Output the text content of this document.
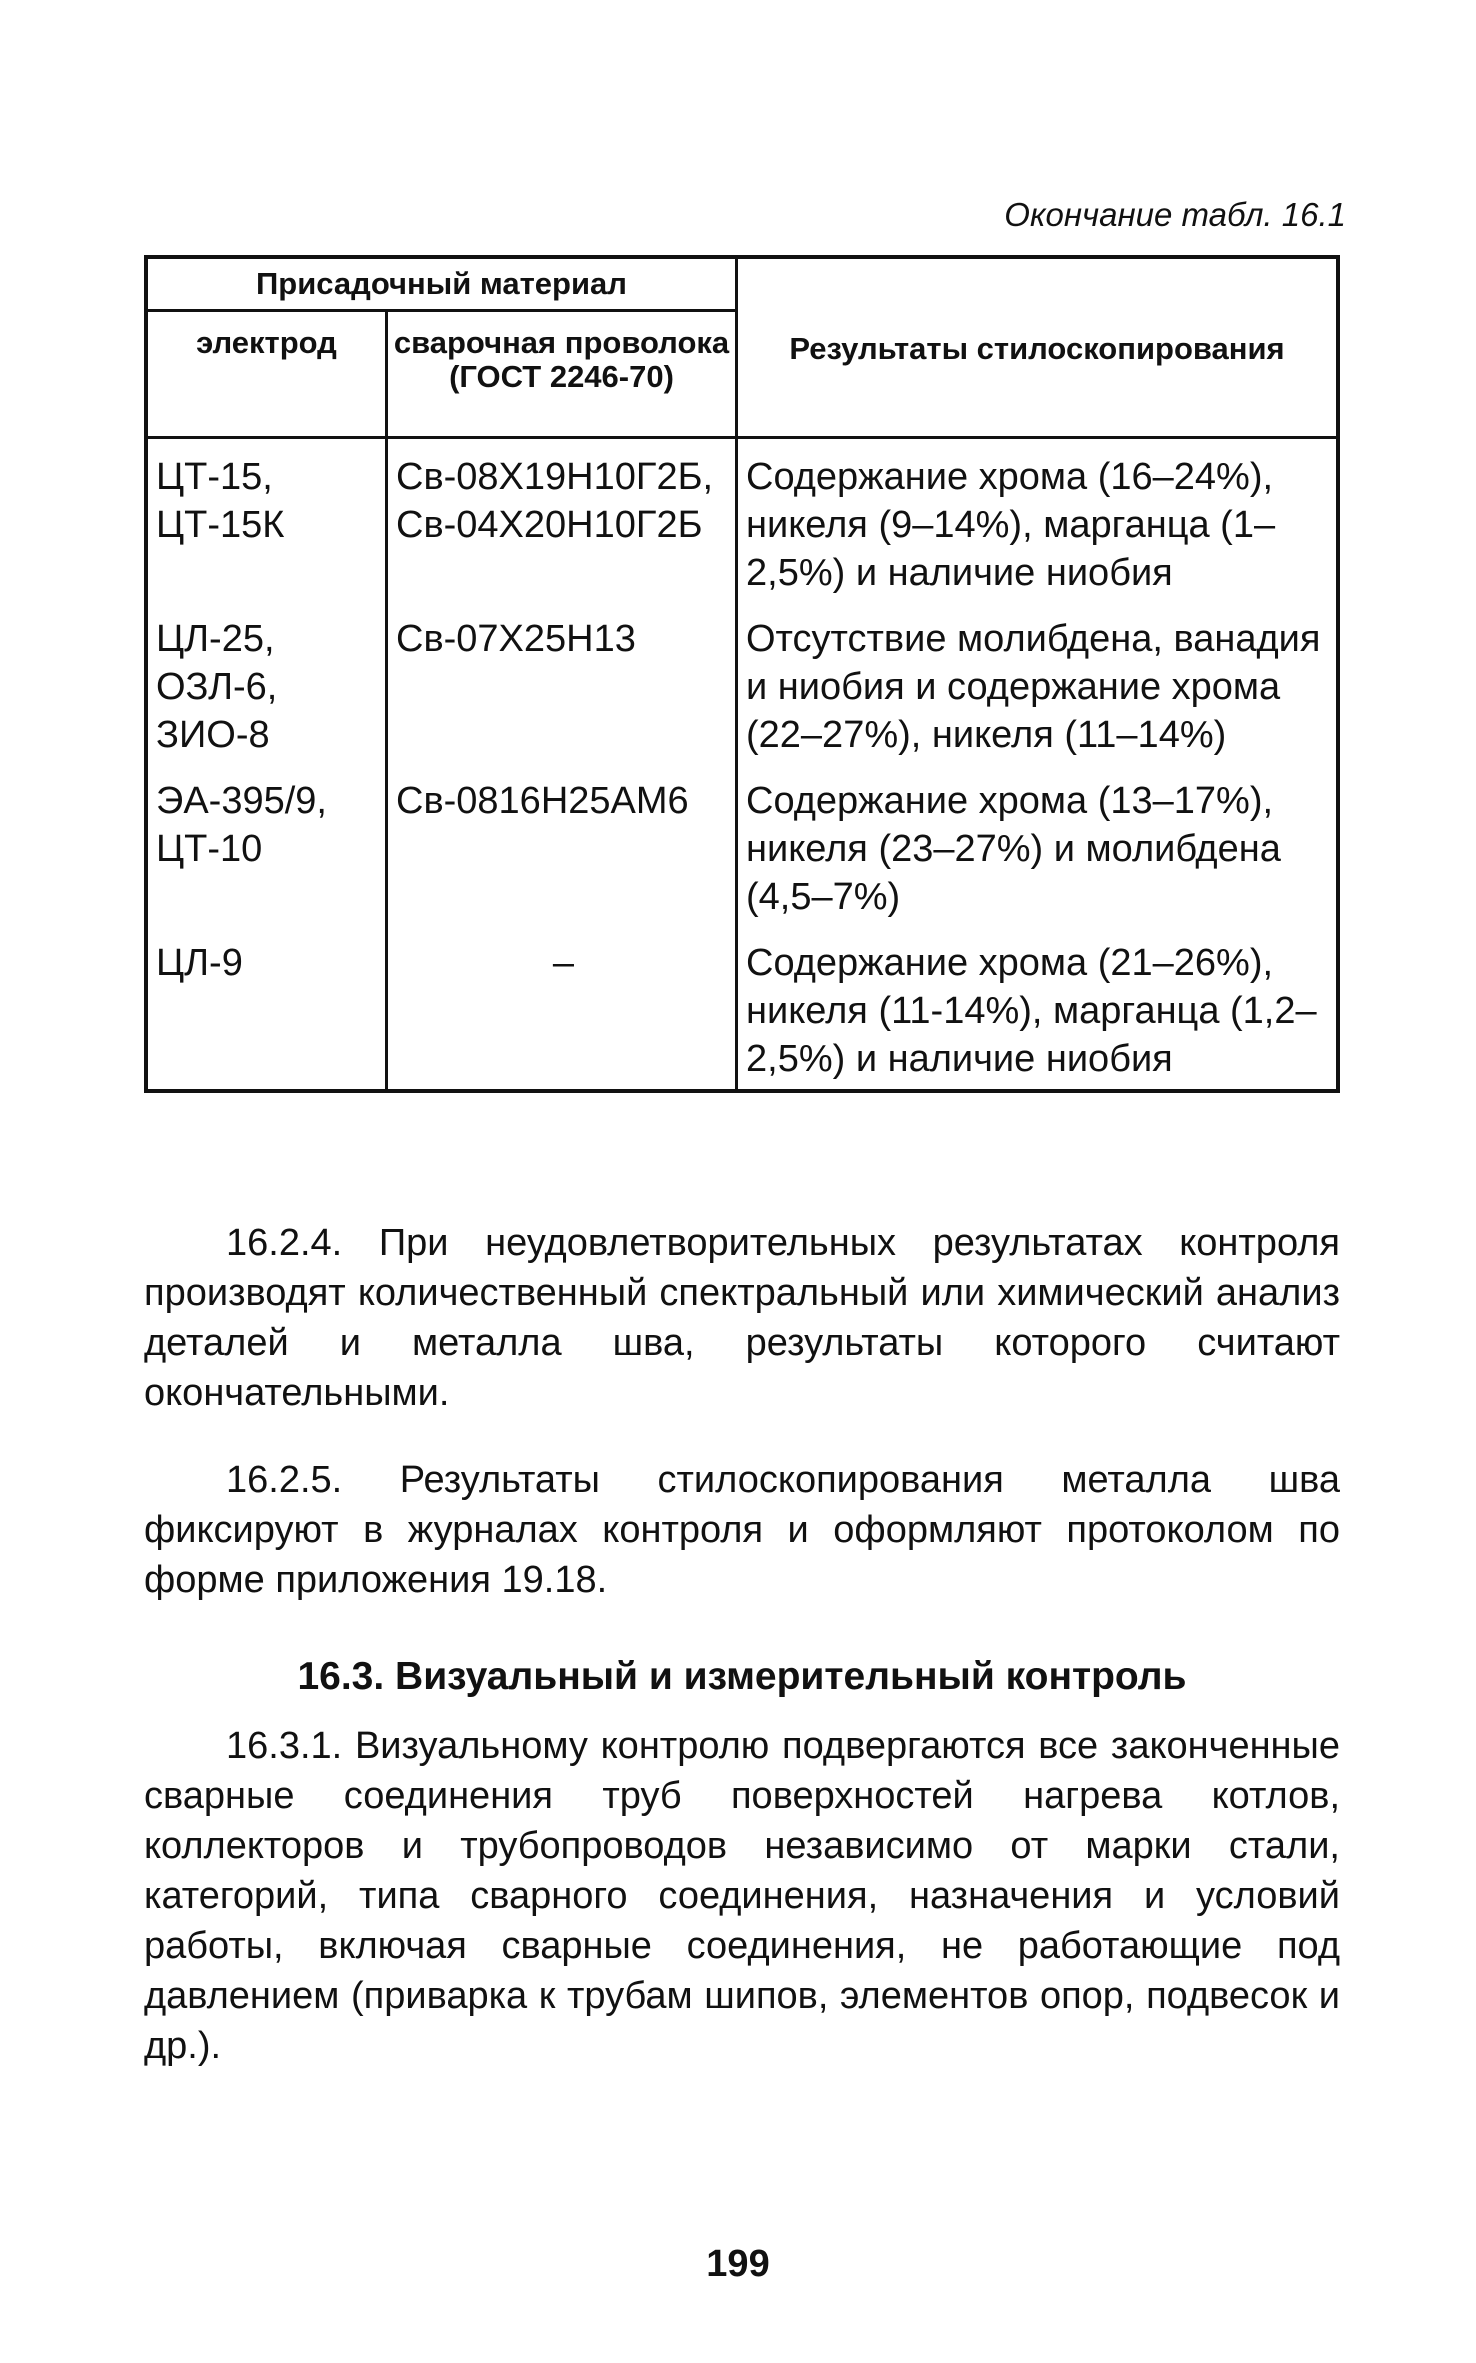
Окончание табл. 16.1
Присадочный материал		Результаты стилоскопирования
электрод	сварочная проволока (ГОСТ 2246-70)	
ЦТ-15, ЦТ-15К	Св-08Х19Н10Г2Б, Св-04Х20Н10Г2Б	Содержание хрома (16–24%), никеля (9–14%), марганца (1–2,5%) и наличие ниобия
ЦЛ-25, ОЗЛ-6, ЗИО-8	Св-07Х25Н13	Отсутствие молибдена, ванадия и ниобия и содержание хрома (22–27%), никеля (11–14%)
ЭА-395/9, ЦТ-10	Св-0816Н25АМ6	Содержание хрома (13–17%), никеля (23–27%) и молибдена (4,5–7%)
ЦЛ-9	–	Содержание хрома (21–26%), никеля (11-14%), марганца (1,2–2,5%) и наличие ниобия

16.2.4. При неудовлетворительных результатах контроля производят количественный спектральный или химический анализ деталей и металла шва, результаты которого считают окончательными.

16.2.5. Результаты стилоскопирования металла шва фиксируют в журналах контроля и оформляют протоколом по форме приложения 19.18.

16.3. Визуальный и измерительный контроль

16.3.1. Визуальному контролю подвергаются все законченные сварные соединения труб поверхностей нагрева котлов, коллекторов и трубопроводов независимо от марки стали, категорий, типа сварного соединения, назначения и условий работы, включая сварные соединения, не работающие под давлением (приварка к трубам шипов, элементов опор, подвесок и др.).

199
